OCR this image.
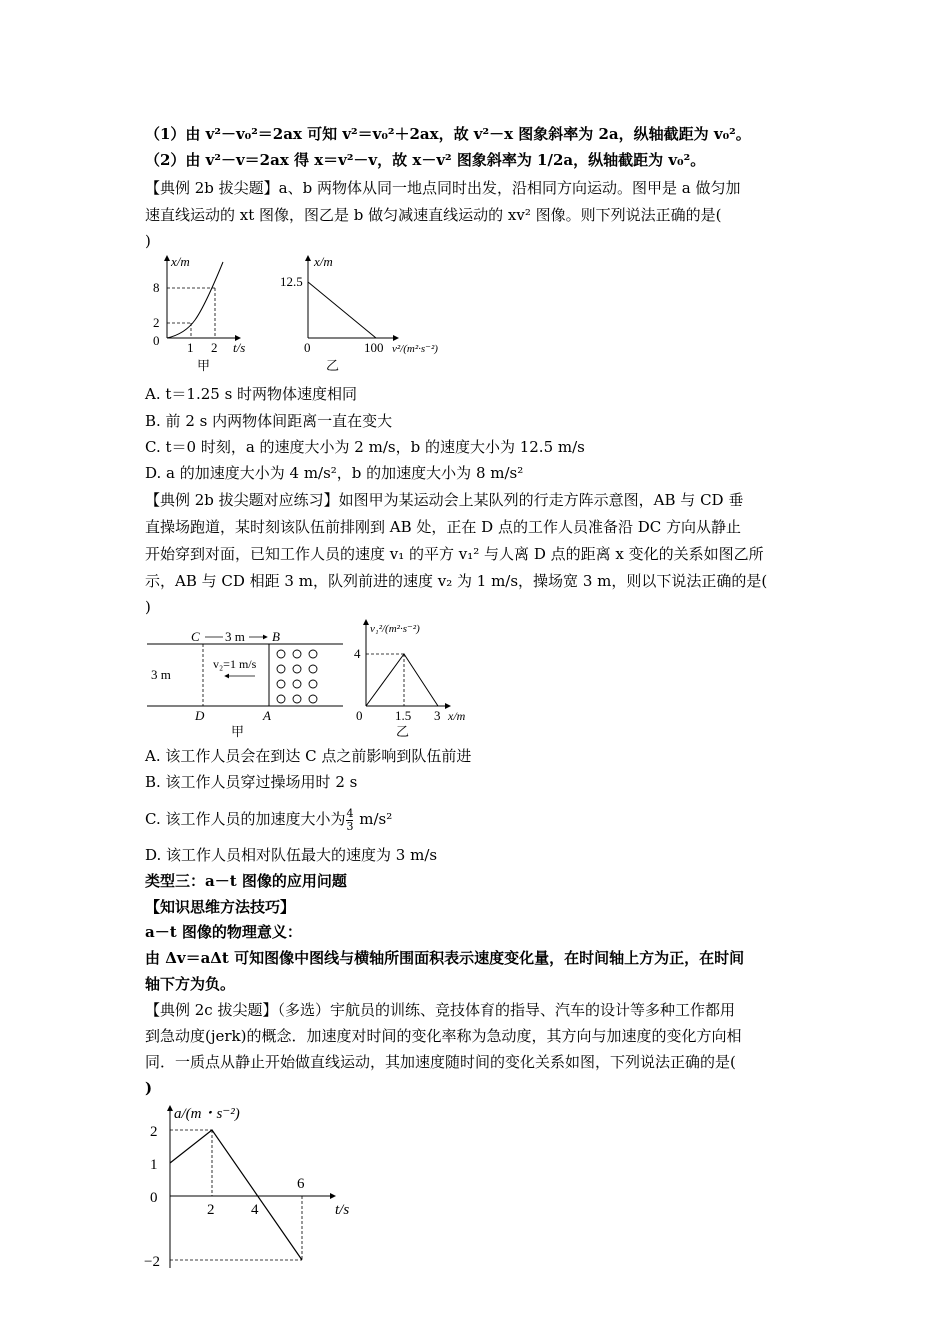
（1）由 v²－v₀²＝2ax 可知 v²＝v₀²＋2ax，故 v²－x 图象斜率为 2a，纵轴截距为 v₀²。
（2）由 v²－v＝2ax 得 x＝v²－v，故 x－v² 图象斜率为 1/2a，纵轴截距为 v₀²。
【典例 2b 拔尖题】a、b 两物体从同一地点同时出发，沿相同方向运动。图甲是 a 做匀加
速直线运动的 xt 图像，图乙是 b 做匀减速直线运动的 xv² 图像。则下列说法正确的是(
)
x/m
8
2
0 1 2 t/s
甲
x/m
12.5
0	100 v²/(m²·s⁻²)
乙
A. t＝1.25 s 时两物体速度相同
B. 前 2 s 内两物体间距离一直在变大
C. t＝0 时刻，a 的速度大小为 2 m/s，b 的速度大小为 12.5 m/s
D. a 的加速度大小为 4 m/s²，b 的加速度大小为 8 m/s²
【典例 2b 拔尖题对应练习】如图甲为某运动会上某队列的行走方阵示意图，AB 与 CD 垂
直操场跑道，某时刻该队伍前排刚到 AB 处，正在 D 点的工作人员准备沿 DC 方向从静止
开始穿到对面，已知工作人员的速度 v₁ 的平方 v₁² 与人离 D 点的距离 x 变化的关系如图乙所
示，AB 与 CD 相距 3 m，队列前进的速度 v₂ 为 1 m/s，操场宽 3 m，则以下说法正确的是(
)
C 3 m B
3 m
v₂=1 m/s
D	A
甲
v₁²/(m²·s⁻²)
4
0	1.5 3 x/m
乙
A. 该工作人员会在到达 C 点之前影响到队伍前进
B. 该工作人员穿过操场用时 2 s
C. 该工作人员的加速度大小为 $\frac{4}{3} m/s^2$
D. 该工作人员相对队伍最大的速度为 3 m/s
类型三：a－t 图像的应用问题
【知识思维方法技巧】
a－t 图像的物理意义：
由 Δv＝aΔt 可知图像中图线与横轴所围面积表示速度变化量，在时间轴上方为正，在时间
轴下方为负。
【典例 2c 拔尖题】（多选）宇航员的训练、竞技体育的指导、汽车的设计等多种工作都用
到急动度(jerk)的概念．加速度对时间的变化率称为急动度，其方向与加速度的变化方向相
同．一质点从静止开始做直线运动，其加速度随时间的变化关系如图，下列说法正确的是(
)
a/(m・s⁻²)
2
1
0
−2
2 4
6
t/s
